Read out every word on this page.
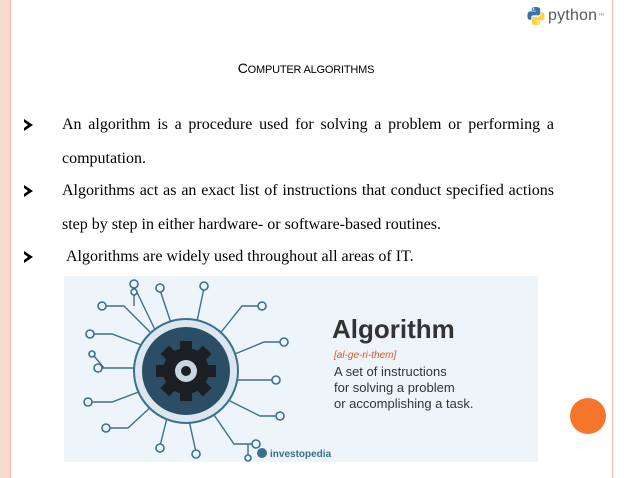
python ™
COMPUTER ALGORITHMS
An algorithm is a procedure used for solving a problem or performing a computation.
Algorithms act as an exact list of instructions that conduct specified actions step by step in either hardware- or software-based routines.
Algorithms are widely used throughout all areas of IT.
Algorithm
[al-ge-ri-them]
A set of instructions
for solving a problem
or accomplishing a task.
investopedia
